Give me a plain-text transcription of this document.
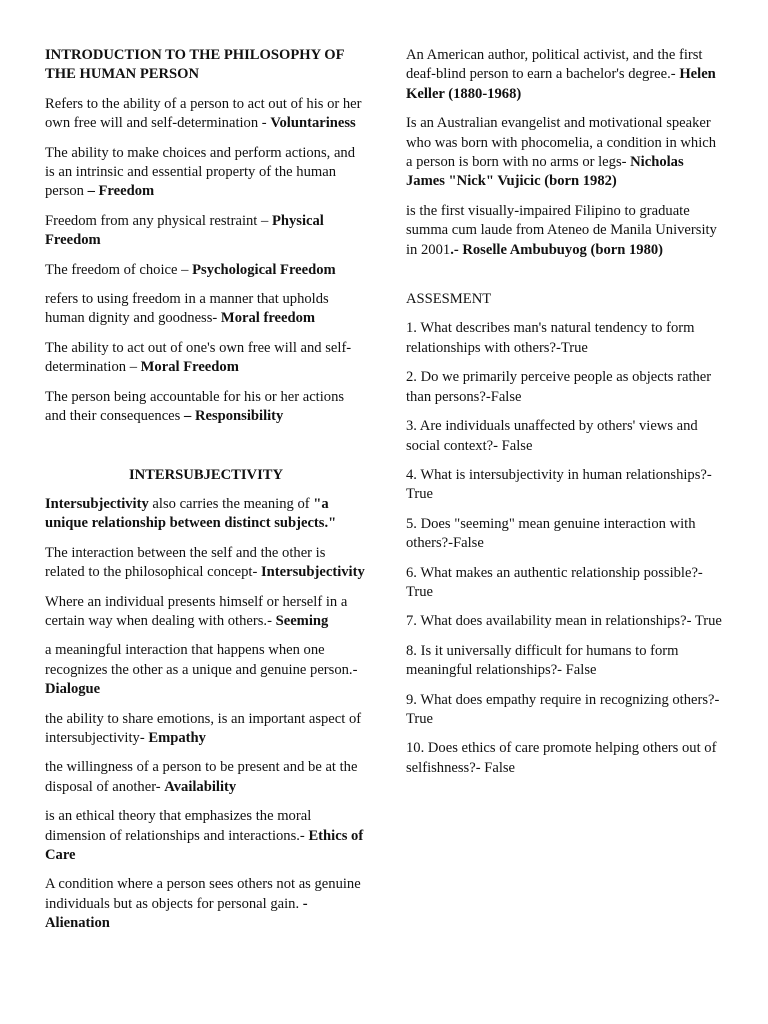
INTRODUCTION TO THE PHILOSOPHY OF THE HUMAN PERSON

Refers to the ability of a person to act out of his or her own free will and self-determination - Voluntariness

The ability to make choices and perform actions, and is an intrinsic and essential property of the human person – Freedom

Freedom from any physical restraint – Physical Freedom

The freedom of choice – Psychological Freedom

refers to using freedom in a manner that upholds human dignity and goodness- Moral freedom

The ability to act out of one's own free will and self-determination – Moral Freedom

The person being accountable for his or her actions and their consequences – Responsibility

INTERSUBJECTIVITY

Intersubjectivity also carries the meaning of "a unique relationship between distinct subjects."

The interaction between the self and the other is related to the philosophical concept- Intersubjectivity

Where an individual presents himself or herself in a certain way when dealing with others.- Seeming

a meaningful interaction that happens when one recognizes the other as a unique and genuine person.- Dialogue

the ability to share emotions, is an important aspect of intersubjectivity- Empathy

the willingness of a person to be present and be at the disposal of another- Availability

is an ethical theory that emphasizes the moral dimension of relationships and interactions.- Ethics of Care

A condition where a person sees others not as genuine individuals but as objects for personal gain. - Alienation

An American author, political activist, and the first deaf-blind person to earn a bachelor's degree.- Helen Keller (1880-1968)

Is an Australian evangelist and motivational speaker who was born with phocomelia, a condition in which a person is born with no arms or legs- Nicholas James "Nick" Vujicic (born 1982)

is the first visually-impaired Filipino to graduate summa cum laude from Ateneo de Manila University in 2001.- Roselle Ambubuyog (born 1980)

ASSESMENT

1. What describes man's natural tendency to form relationships with others?-True

2. Do we primarily perceive people as objects rather than persons?-False

3. Are individuals unaffected by others' views and social context?- False

4. What is intersubjectivity in human relationships?- True

5. Does "seeming" mean genuine interaction with others?-False

6. What makes an authentic relationship possible?- True

7. What does availability mean in relationships?- True

8. Is it universally difficult for humans to form meaningful relationships?- False

9. What does empathy require in recognizing others?- True

10. Does ethics of care promote helping others out of selfishness?- False
